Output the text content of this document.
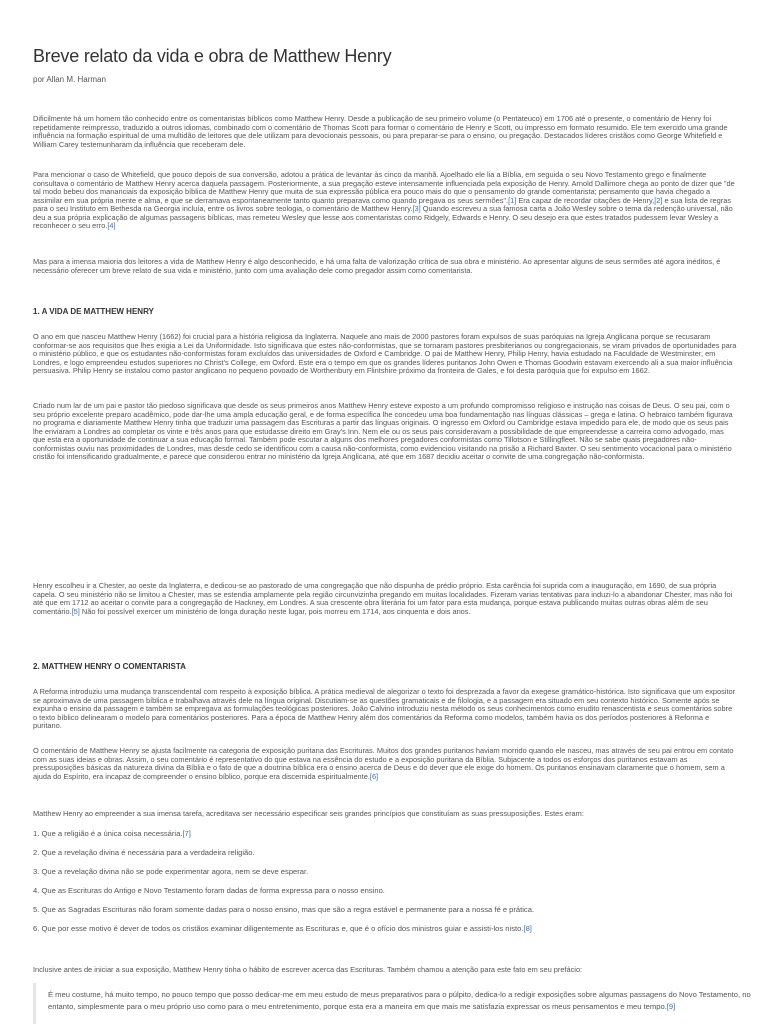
Breve relato da vida e obra de Matthew Henry
por Allan M. Harman

Dificilmente há um homem tão conhecido entre os comentaristas bíblicos como Matthew Henry. Desde a publicação de seu primeiro volume (o Pentateuco) em 1706 até o presente, o comentário de Henry foi repetidamente reimpresso, traduzido a outros idiomas, combinado com o comentário de Thomas Scott para formar o comentário de Henry e Scott, ou impresso em formato resumido. Ele tem exercido uma grande influência na formação espiritual de uma multidão de leitores que dele utilizam para devocionais pessoais, ou para preparar-se para o ensino, ou pregação. Destacados líderes cristãos como George Whitefield e William Carey testemunharam da influência que receberam dele.

Para mencionar o caso de Whitefield, que pouco depois de sua conversão, adotou a prática de levantar às cinco da manhã. Ajoelhado ele lia a Bíblia, em seguida o seu Novo Testamento grego e finalmente consultava o comentário de Matthew Henry acerca daquela passagem. Posteriormente, a sua pregação esteve intensamente influenciada pela exposição de Henry. Arnold Dallimore chega ao ponto de dizer que "de tal modo bebeu dos mananciais da exposição bíblica de Matthew Henry que muita de sua expressão pública era pouco mais do que o pensamento do grande comentarista; pensamento que havia chegado a assimilar em sua própria mente e alma, e que se derramava espontaneamente tanto quanto preparava como quando pregava os seus sermões".[1] Era capaz de recordar citações de Henry,[2] e sua lista de regras para o seu Instituto em Bethesda na Georgia incluía, entre os livros sobre teologia, o comentário de Matthew Henry.[3] Quando escreveu a sua famosa carta a João Wesley sobre o tema da redenção universal, não deu a sua própria explicação de algumas passagens bíblicas, mas remeteu Wesley que lesse aos comentaristas como Ridgely, Edwards e Henry. O seu desejo era que estes tratados pudessem levar Wesley a reconhecer o seu erro.[4]

Mas para a imensa maioria dos leitores a vida de Matthew Henry é algo desconhecido, e há uma falta de valorização crítica de sua obra e ministério. Ao apresentar alguns de seus sermões até agora inéditos, é necessário oferecer um breve relato de sua vida e ministério, junto com uma avaliação dele como pregador assim como comentarista.

1. A VIDA DE MATTHEW HENRY

O ano em que nasceu Matthew Henry (1662) foi crucial para a história religiosa da Inglaterra. Naquele ano mais de 2000 pastores foram expulsos de suas paróquias na Igreja Anglicana porque se recusaram conformar-se aos requisitos que lhes exigia a Lei da Uniformidade. Isto significava que estes não-conformistas, que se tornaram pastores presbiterianos ou congregacionais, se viram privados de oportunidades para o ministério público, e que os estudantes não-conformistas foram excluídos das universidades de Oxford e Cambridge. O pai de Matthew Henry, Philip Henry, havia estudado na Faculdade de Westminster, em Londres, e logo empreendeu estudos superiores no Christ's College, em Oxford. Este era o tempo em que os grandes líderes puritanos John Owen e Thomas Goodwin estavam exercendo ali a sua maior influência persuasiva. Philip Henry se instalou como pastor anglicano no pequeno povoado de Worthenbury em Flintshire próximo da fronteira de Gales, e foi desta paróquia que foi expulso em 1662.

Criado num lar de um pai e pastor tão piedoso significava que desde os seus primeiros anos Matthew Henry esteve exposto a um profundo compromisso religioso e instrução nas coisas de Deus. O seu pai, com o seu próprio excelente preparo acadêmico, pode dar-lhe uma ampla educação geral, e de forma específica lhe concedeu uma boa fundamentação nas línguas clássicas – grega e latina. O hebraico também figurava no programa e diariamente Matthew Henry tinha que traduzir uma passagem das Escrituras a partir das línguas originais. O ingresso em Oxford ou Cambridge estava impedido para ele, de modo que os seus pais lhe enviaram a Londres ao completar os vinte e três anos para que estudasse direito em Gray's Inn. Nem ele ou os seus pais consideravam a possibilidade de que empreendesse a carreira como advogado, mas que esta era a oportunidade de continuar a sua educação formal. Também pode escutar a alguns dos melhores pregadores conformistas como Tillotson e Stillingfleet. Não se sabe quais pregadores não-conformistas ouviu nas proximidades de Londres, mas desde cedo se identificou com a causa não-conformista, como evidenciou visitando na prisão a Richard Baxter. O seu sentimento vocacional para o ministério cristão foi intensificando gradualmente, e parece que considerou entrar no ministério da Igreja Anglicana, até que em 1687 decidiu aceitar o convite de uma congregação não-conformista.

Henry escolheu ir a Chester, ao oeste da Inglaterra, e dedicou-se ao pastorado de uma congregação que não dispunha de prédio próprio. Esta carência foi suprida com a inauguração, em 1690, de sua própria capela. O seu ministério não se limitou a Chester, mas se estendia amplamente pela região circunvizinha pregando em muitas localidades. Fizeram varias tentativas para induzi-lo a abandonar Chester, mas não foi até que em 1712 ao aceitar o convite para a congregação de Hackney, em Londres. A sua crescente obra literária foi um fator para esta mudança, porque estava publicando muitas outras obras além de seu comentário.[5] Não foi possível exercer um ministério de longa duração neste lugar, pois morreu em 1714, aos cinquenta e dois anos.

2. MATTHEW HENRY O COMENTARISTA

A Reforma introduziu uma mudança transcendental com respeito à exposição bíblica. A prática medieval de alegorizar o texto foi desprezada a favor da exegese gramático-histórica. Isto significava que um expositor se aproximava de uma passagem bíblica e trabalhava através dele na língua original. Discutiam-se as questões gramaticais e de filologia, e a passagem era situado em seu contexto histórico. Somente após se expunha o ensino da passagem e também se empregava as formulações teológicas posteriores. João Calvino introduziu nesta método os seus conhecimentos como erudito renascentista e seus comentários sobre o texto bíblico delinearam o modelo para comentários posteriores. Para a época de Matthew Henry além dos comentários da Reforma como modelos, também havia os dos períodos posteriores à Reforma e puritano.

O comentário de Matthew Henry se ajusta facilmente na categoria de exposição puritana das Escrituras. Muitos dos grandes puritanos haviam morrido quando ele nasceu, mas através de seu pai entrou em contato com as suas ideias e obras. Assim, o seu comentário é representativo do que estava na essência do estudo e a exposição puritana da Bíblia. Subjacente a todos os esforços dos puritanos estavam as pressuposições básicas da natureza divina da Bíblia e o fato de que a doutrina bíblica era o ensino acerca de Deus e do dever que ele exige do homem. Os puritanos ensinavam claramente que o homem, sem a ajuda do Espírito, era incapaz de compreender o ensino bíblico, porque era discernida espiritualmente.[6]

Matthew Henry ao empreender a sua imensa tarefa, acreditava ser necessário especificar seis grandes princípios que constituíam as suas pressuposições. Estes eram:

1. Que a religião é a única coisa necessária.[7]
2. Que a revelação divina é necessária para a verdadeira religião.
3. Que a revelação divina não se pode experimentar agora, nem se deve esperar.
4. Que as Escrituras do Antigo e Novo Testamento foram dadas de forma expressa para o nosso ensino.
5. Que as Sagradas Escrituras não foram somente dadas para o nosso ensino, mas que são a regra estável e permanente para a nossa fé e prática.
6. Que por esse motivo é dever de todos os cristãos examinar diligentemente as Escrituras e, que é o ofício dos ministros guiar e assisti-los nisto.[8]

Inclusive antes de iniciar a sua exposição, Matthew Henry tinha o hábito de escrever acerca das Escrituras. Também chamou a atenção para este fato em seu prefácio:

É meu costume, há muito tempo, no pouco tempo que posso dedicar-me em meu estudo de meus preparativos para o púlpito, dedica-lo a redigir exposições sobre algumas passagens do Novo Testamento, no entanto, simplesmente para o meu próprio uso como para o meu entretenimento, porque esta era a maneira em que mais me satisfazia expressar os meus pensamentos e meu tempo.[9]
